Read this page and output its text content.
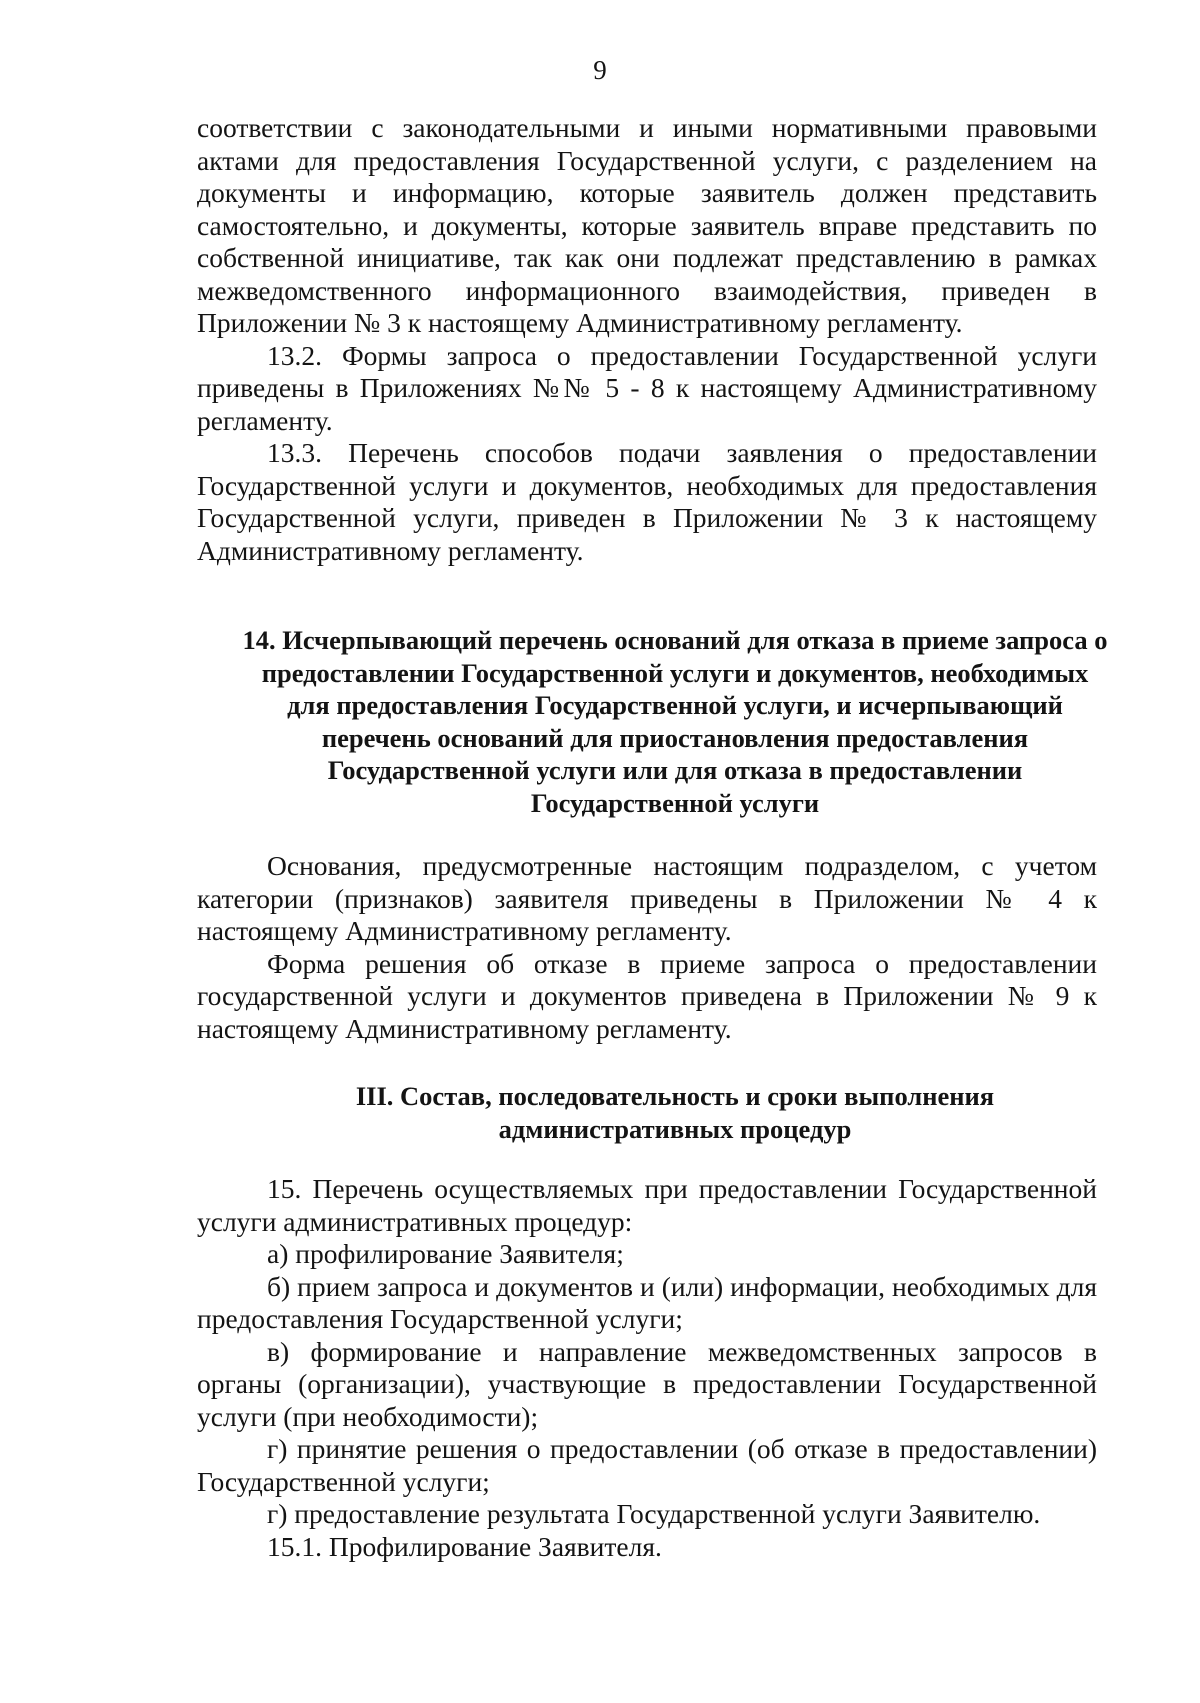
9

соответствии с законодательными и иными нормативными правовыми актами для предоставления Государственной услуги, с разделением на документы и информацию, которые заявитель должен представить самостоятельно, и документы, которые заявитель вправе представить по собственной инициативе, так как они подлежат представлению в рамках межведомственного информационного взаимодействия, приведен в Приложении № 3 к настоящему Административному регламенту.

13.2. Формы запроса о предоставлении Государственной услуги приведены в Приложениях №№ 5 - 8 к настоящему Административному регламенту.

13.3. Перечень способов подачи заявления о предоставлении Государственной услуги и документов, необходимых для предоставления Государственной услуги, приведен в Приложении № 3 к настоящему Административному регламенту.

14. Исчерпывающий перечень оснований для отказа в приеме запроса о
предоставлении Государственной услуги и документов, необходимых
для предоставления Государственной услуги, и исчерпывающий
перечень оснований для приостановления предоставления
Государственной услуги или для отказа в предоставлении
Государственной услуги

Основания, предусмотренные настоящим подразделом, с учетом категории (признаков) заявителя приведены в Приложении № 4 к настоящему Административному регламенту.

Форма решения об отказе в приеме запроса о предоставлении государственной услуги и документов приведена в Приложении № 9 к настоящему Административному регламенту.

III. Состав, последовательность и сроки выполнения
административных процедур

15. Перечень осуществляемых при предоставлении Государственной услуги административных процедур:

а) профилирование Заявителя;

б) прием запроса и документов и (или) информации, необходимых для предоставления Государственной услуги;

в) формирование и направление межведомственных запросов в органы (организации), участвующие в предоставлении Государственной услуги (при необходимости);

г) принятие решения о предоставлении (об отказе в предоставлении) Государственной услуги;

г) предоставление результата Государственной услуги Заявителю.

15.1. Профилирование Заявителя.
